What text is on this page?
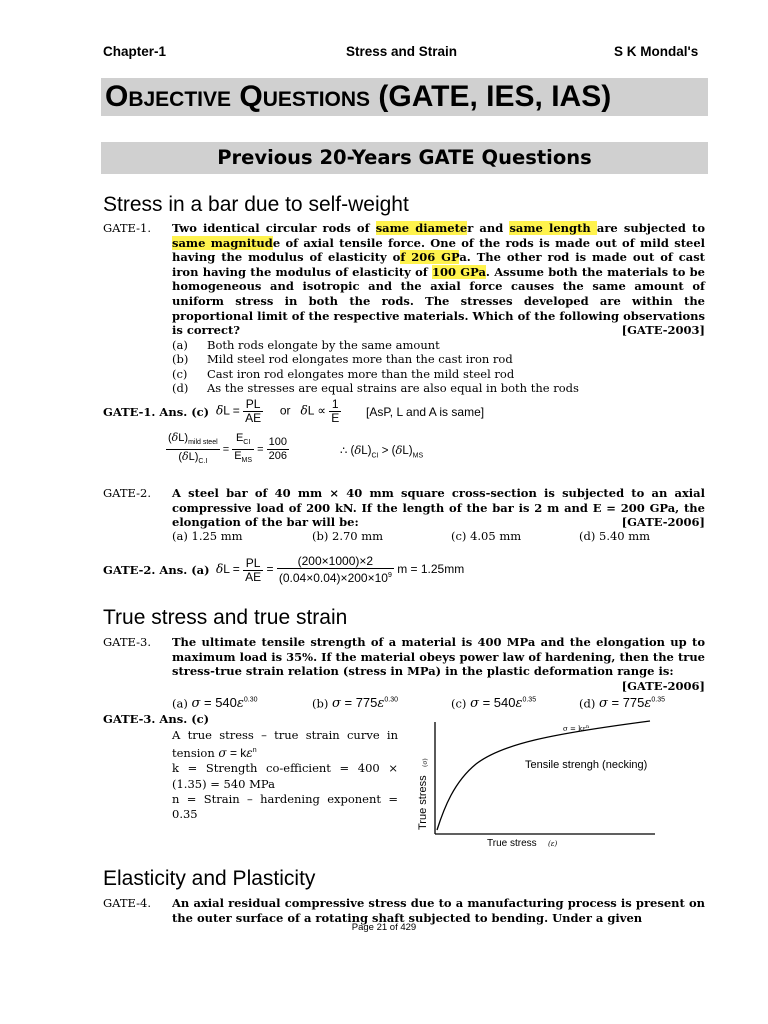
Chapter-1	Stress and Strain	S K Mondal's
Objective Questions (GATE, IES, IAS)
Previous 20-Years GATE Questions
Stress in a bar due to self-weight
GATE-1. Two identical circular rods of same diameter and same length are subjected to same magnitude of axial tensile force. One of the rods is made out of mild steel having the modulus of elasticity of 206 GPa. The other rod is made out of cast iron having the modulus of elasticity of 100 GPa. Assume both the materials to be homogeneous and isotropic and the axial force causes the same amount of uniform stress in both the rods. The stresses developed are within the proportional limit of the respective materials. Which of the following observations is correct?	[GATE-2003]
(a) Both rods elongate by the same amount
(b) Mild steel rod elongates more than the cast iron rod
(c) Cast iron rod elongates more than the mild steel rod
(d) As the stresses are equal strains are also equal in both the rods
GATE-1. Ans. (c) $\delta L = \frac{PL}{AE}$ or $\delta L \propto \frac{1}{E} [AsP$, L and A is same]
$\frac{(\delta L)_{mild steel}}{(\delta L)_{C.I}} = \frac{E_{CI}}{E_{MS}} = \frac{100}{206}$	∴ $(\delta L)_{CI} > (\delta L)_{MS}$
GATE-2. A steel bar of 40 mm × 40 mm square cross-section is subjected to an axial compressive load of 200 kN. If the length of the bar is 2 m and E = 200 GPa, the elongation of the bar will be:	[GATE-2006]
(a) 1.25 mm	(b) 2.70 mm	(c) 4.05 mm	(d) 5.40 mm
GATE-2. Ans. (a) $\delta L = \frac{PL}{AE} = \frac{(200\times 1000)\times 2}{(0.04\times 0.04)\times 200\times 10^9}$ m = 1.25mm
True stress and true strain
GATE-3. The ultimate tensile strength of a material is 400 MPa and the elongation up to maximum load is 35%. If the material obeys power law of hardening, then the true stress-true strain relation (stress in MPa) in the plastic deformation range is:
[GATE-2006]
(a) $\sigma = 540\varepsilon^{0.30}$	(b) $\sigma = 775\varepsilon^{0.30}$	(c) $\sigma = 540\varepsilon^{0.35}$	(d) $\sigma = 775\varepsilon^{0.35}$
GATE-3. Ans. (c)
A true stress – true strain curve in tension $\sigma = k\varepsilon^n$
k = Strength co-efficient = 400 × (1.35) = 540 MPa
n = Strain – hardening exponent = 0.35
$\sigma = k\varepsilon^n$
Tensile strengh (necking)
(σ)
True stress
True stress (ε)
Elasticity and Plasticity
GATE-4. An axial residual compressive stress due to a manufacturing process is present on the outer surface of a rotating shaft subjected to bending. Under a given
Page 21 of 429
